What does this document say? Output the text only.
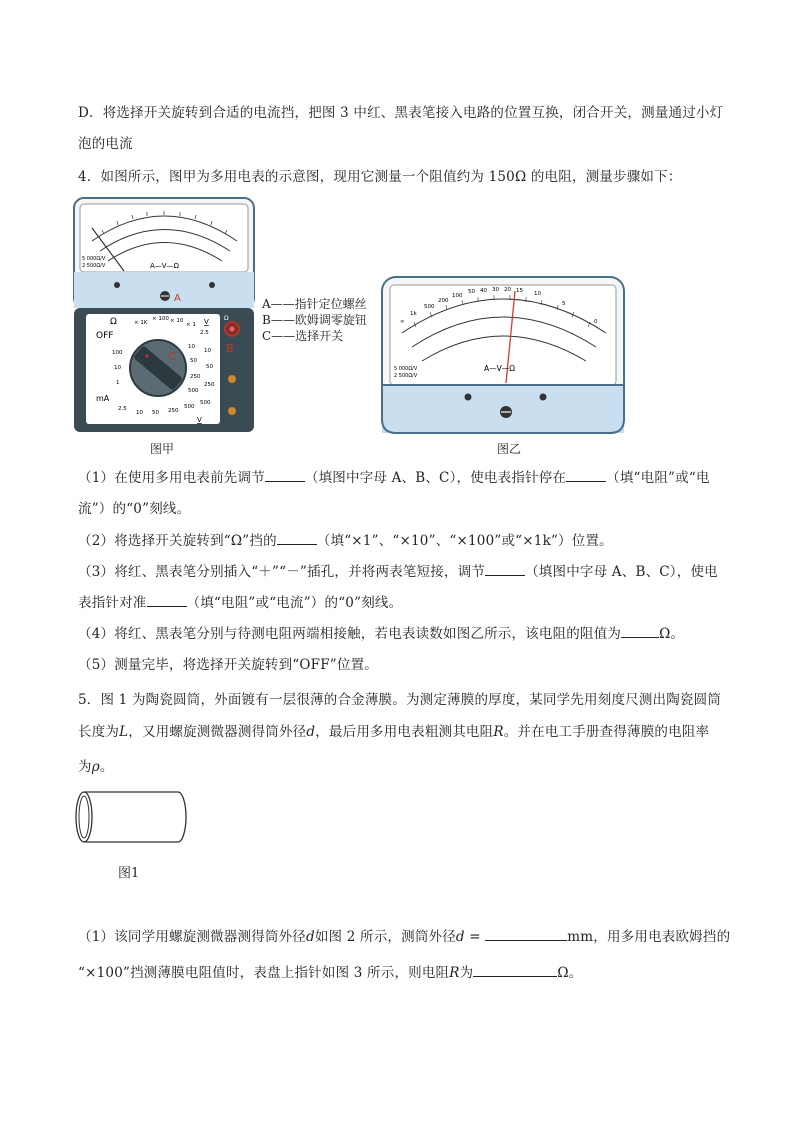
D．将选择开关旋转到合适的电流挡，把图 3 中红、黑表笔接入电路的位置互换，闭合开关，测量通过小灯
泡的电流
4．如图所示，图甲为多用电表的示意图，现用它测量一个阻值约为 150Ω 的电阻，测量步骤如下：
A—V—Ω
5 000Ω/V
2 500Ω/V
A
Ω
OFF
mA
V
V
× 1K
× 100 × 10
× 1
100
10
1
2.5
10 50 250
500
2.5
10
50
250
500
10
50
250
500
C
Ω
B
图甲
A——指针定位螺丝
B——欧姆调零旋钮
C——选择开关
∞
1k
500
200
100
50 40 30 20 15 10
5
0
A—V—Ω
5 000Ω/V
2 500Ω/V
图乙
（1）在使用多用电表前先调节	（填图中字母 A、B、C），使电表指针停在	（填“电阻”或“电
流”）的“0”刻线。
（2）将选择开关旋转到“Ω”挡的	（填“×1”、“×10”、“×100”或“×1k”）位置。
（3）将红、黑表笔分别插入“＋”“－”插孔，并将两表笔短接，调节	（填图中字母 A、B、C），使电
表指针对准	（填“电阻”或“电流”）的“0”刻线。
（4）将红、黑表笔分别与待测电阻两端相接触，若电表读数如图乙所示，该电阻的阻值为	Ω。
（5）测量完毕，将选择开关旋转到“OFF”位置。
5．图 1 为陶瓷圆筒，外面镀有一层很薄的合金薄膜。为测定薄膜的厚度，某同学先用刻度尺测出陶瓷圆筒
长度为L，又用螺旋测微器测得筒外径d，最后用多用电表粗测其电阻R。并在电工手册查得薄膜的电阻率
为ρ。
图1
（1）该同学用螺旋测微器测得筒外径d如图 2 所示，测筒外径d =	mm，用多用电表欧姆挡的
“×100”挡测薄膜电阻值时，表盘上指针如图 3 所示，则电阻R为	Ω。
